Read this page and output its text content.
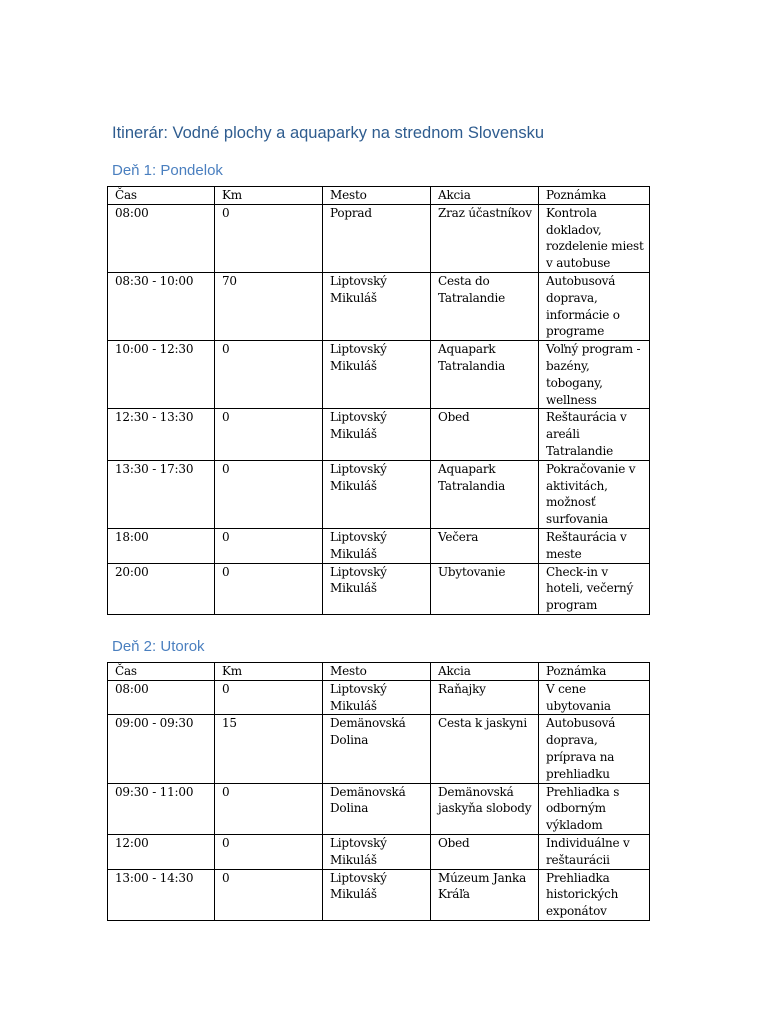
Itinerár: Vodné plochy a aquaparky na strednom Slovensku
Deň 1: Pondelok
Čas	Km	Mesto	Akcia	Poznámka
08:00	0	Poprad	Zraz účastníkov	Kontrola dokladov, rozdelenie miest v autobuse
08:30 - 10:00	70	Liptovský Mikuláš	Cesta do Tatralandie	Autobusová doprava, informácie o programe
10:00 - 12:30	0	Liptovský Mikuláš	Aquapark Tatralandia	Voľný program - bazény, tobogany, wellness
12:30 - 13:30	0	Liptovský Mikuláš	Obed	Reštaurácia v areáli Tatralandie
13:30 - 17:30	0	Liptovský Mikuláš	Aquapark Tatralandia	Pokračovanie v aktivitách, možnosť surfovania
18:00	0	Liptovský Mikuláš	Večera	Reštaurácia v meste
20:00	0	Liptovský Mikuláš	Ubytovanie	Check-in v hoteli, večerný program
Deň 2: Utorok
Čas	Km	Mesto	Akcia	Poznámka
08:00	0	Liptovský Mikuláš	Raňajky	V cene ubytovania
09:00 - 09:30	15	Demänovská Dolina	Cesta k jaskyni	Autobusová doprava, príprava na prehliadku
09:30 - 11:00	0	Demänovská Dolina	Demänovská jaskyňa slobody	Prehliadka s odborným výkladom
12:00	0	Liptovský Mikuláš	Obed	Individuálne v reštaurácii
13:00 - 14:30	0	Liptovský Mikuláš	Múzeum Janka Kráľa	Prehliadka historických exponátov
